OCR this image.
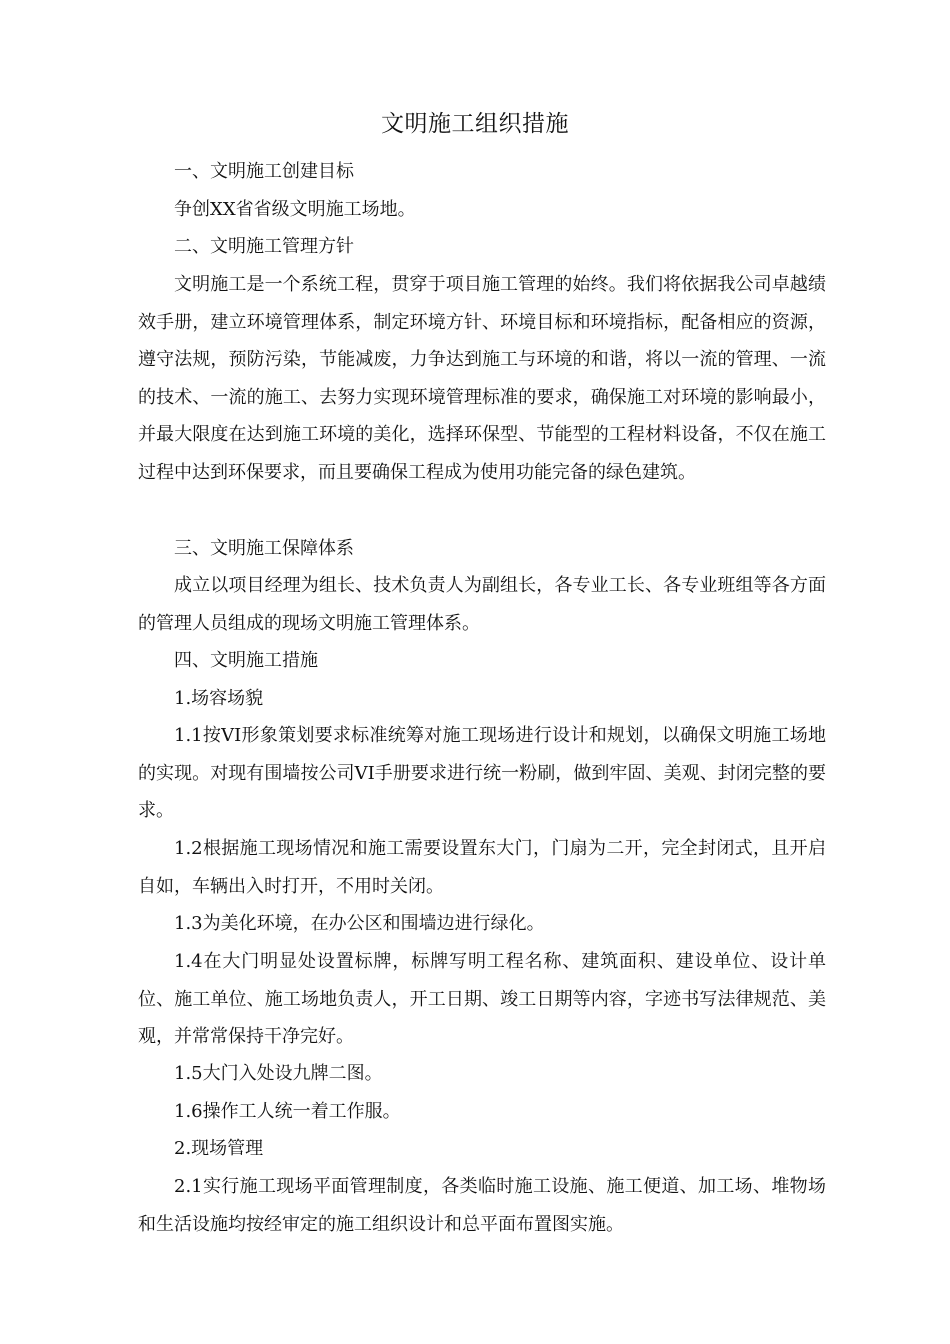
文明施工组织措施

一、文明施工创建目标

争创XX省省级文明施工场地。

二、文明施工管理方针

文明施工是一个系统工程，贯穿于项目施工管理的始终。我们将依据我公司卓越绩效手册，建立环境管理体系，制定环境方针、环境目标和环境指标，配备相应的资源，遵守法规，预防污染，节能减废，力争达到施工与环境的和谐，将以一流的管理、一流的技术、一流的施工、去努力实现环境管理标准的要求，确保施工对环境的影响最小，并最大限度在达到施工环境的美化，选择环保型、节能型的工程材料设备，不仅在施工过程中达到环保要求，而且要确保工程成为使用功能完备的绿色建筑。

三、文明施工保障体系

成立以项目经理为组长、技术负责人为副组长，各专业工长、各专业班组等各方面的管理人员组成的现场文明施工管理体系。

四、文明施工措施

1.场容场貌

1.1按VI形象策划要求标准统筹对施工现场进行设计和规划，以确保文明施工场地的实现。对现有围墙按公司VI手册要求进行统一粉刷，做到牢固、美观、封闭完整的要求。

1.2根据施工现场情况和施工需要设置东大门，门扇为二开，完全封闭式，且开启自如，车辆出入时打开，不用时关闭。

1.3为美化环境，在办公区和围墙边进行绿化。

1.4在大门明显处设置标牌，标牌写明工程名称、建筑面积、建设单位、设计单位、施工单位、施工场地负责人，开工日期、竣工日期等内容，字迹书写法律规范、美观，并常常保持干净完好。

1.5大门入处设九牌二图。

1.6操作工人统一着工作服。

2.现场管理

2.1实行施工现场平面管理制度，各类临时施工设施、施工便道、加工场、堆物场和生活设施均按经审定的施工组织设计和总平面布置图实施。
